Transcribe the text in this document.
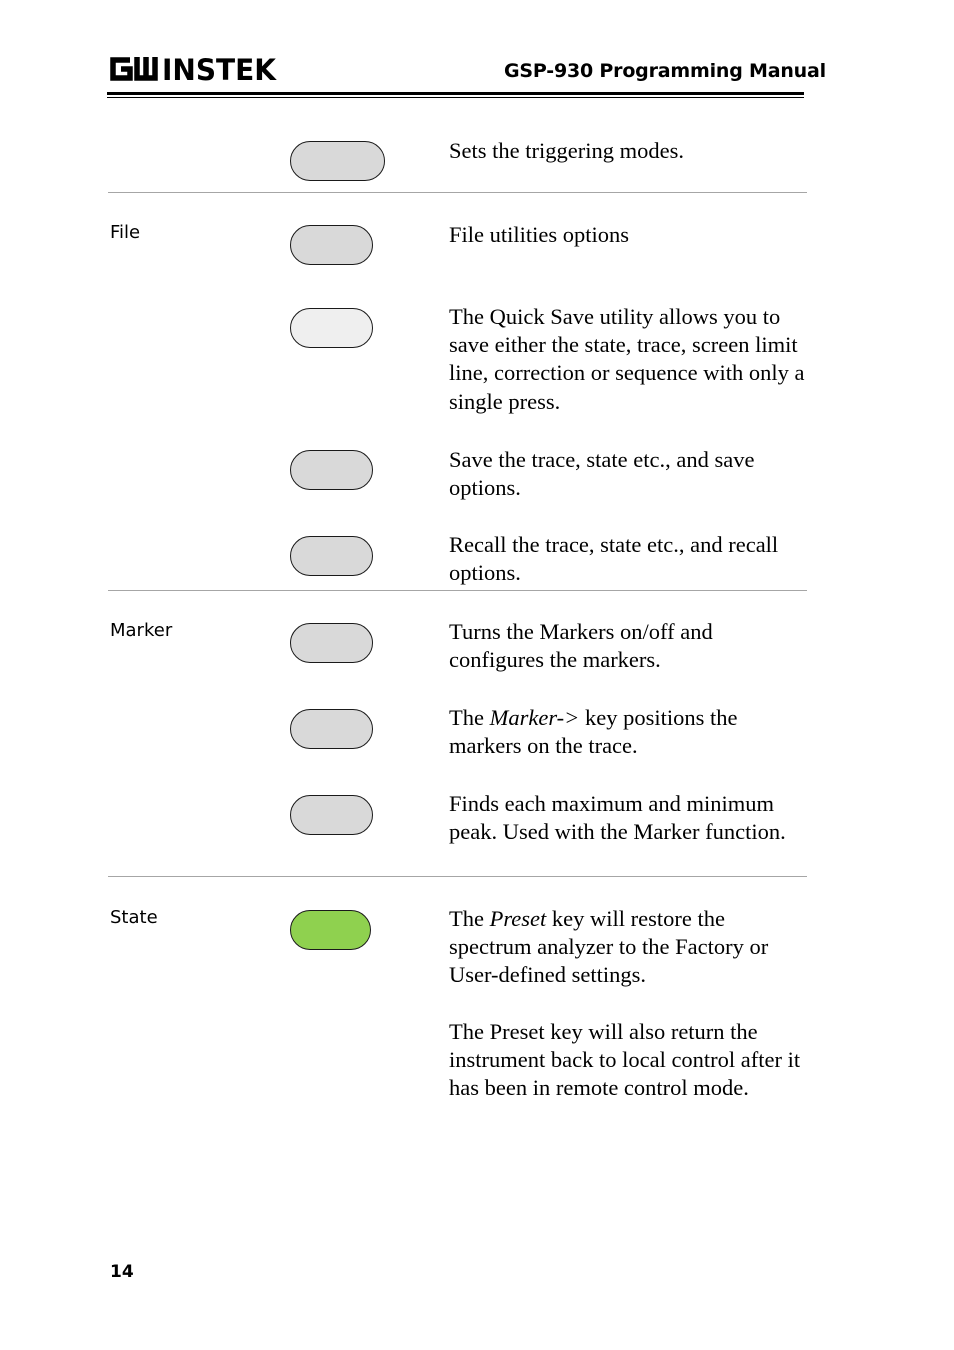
INSTEK	GSP-930 Programming Manual
Sets the triggering modes.
File	File utilities options
The Quick Save utility allows you to save either the state, trace, screen limit line, correction or sequence with only a single press.
Save the trace, state etc., and save options.
Recall the trace, state etc., and recall options.
Marker	Turns the Markers on/off and configures the markers.
The Marker-> key positions the markers on the trace.
Finds each maximum and minimum peak. Used with the Marker function.
State	The Preset key will restore the spectrum analyzer to the Factory or User-defined settings.

The Preset key will also return the instrument back to local control after it has been in remote control mode.

14
